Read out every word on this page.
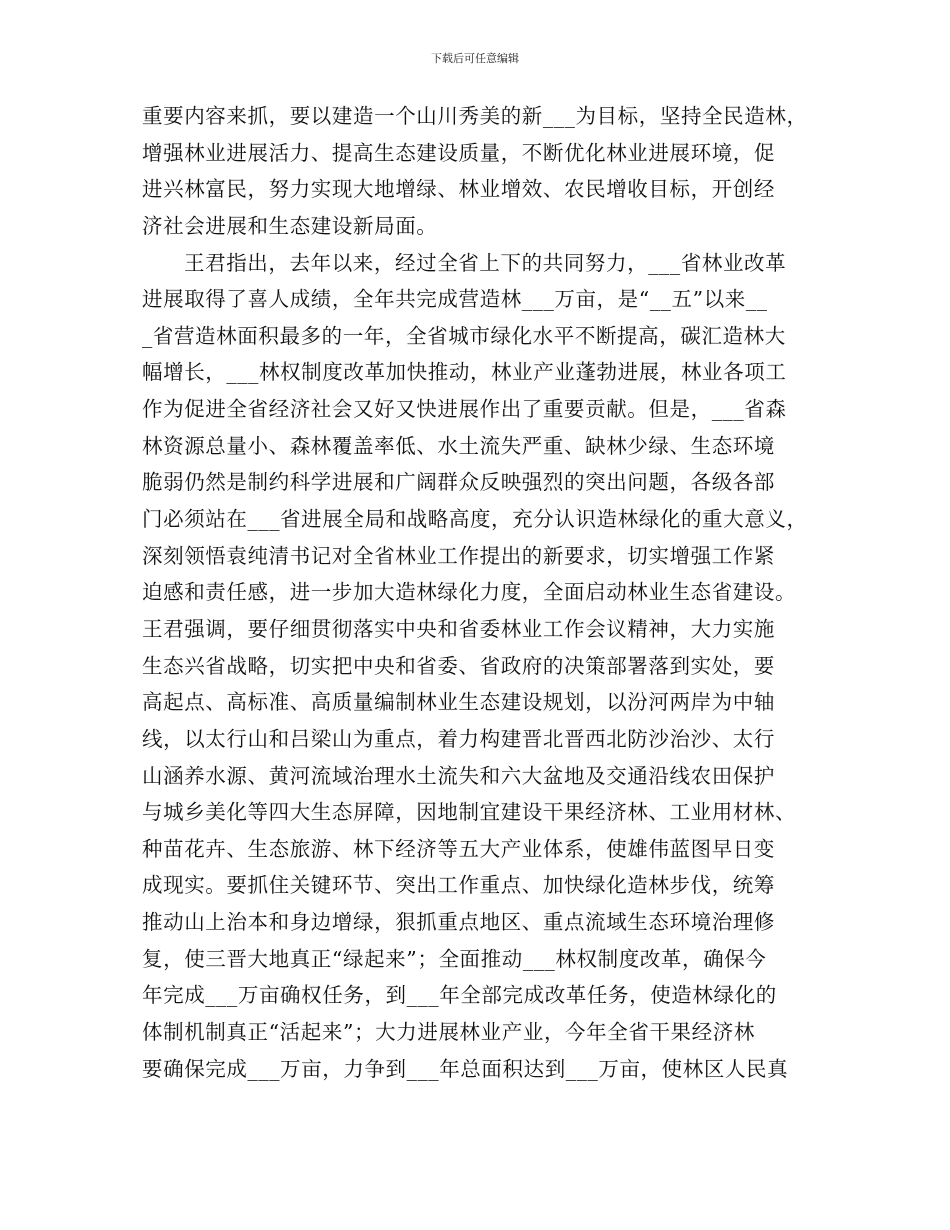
下载后可任意编辑
重要内容来抓，要以建造一个山川秀美的新___为目标，坚持全民造林，
增强林业进展活力、提高生态建设质量，不断优化林业进展环境，促
进兴林富民，努力实现大地增绿、林业增效、农民增收目标，开创经
济社会进展和生态建设新局面。
王君指出，去年以来，经过全省上下的共同努力，___省林业改革
进展取得了喜人成绩，全年共完成营造林___万亩，是“__五”以来__
_省营造林面积最多的一年，全省城市绿化水平不断提高，碳汇造林大
幅增长，___林权制度改革加快推动，林业产业蓬勃进展，林业各项工
作为促进全省经济社会又好又快进展作出了重要贡献。但是，___省森
林资源总量小、森林覆盖率低、水土流失严重、缺林少绿、生态环境
脆弱仍然是制约科学进展和广阔群众反映强烈的突出问题，各级各部
门必须站在___省进展全局和战略高度，充分认识造林绿化的重大意义，
深刻领悟袁纯清书记对全省林业工作提出的新要求，切实增强工作紧
迫感和责任感，进一步加大造林绿化力度，全面启动林业生态省建设。
王君强调，要仔细贯彻落实中央和省委林业工作会议精神，大力实施
生态兴省战略，切实把中央和省委、省政府的决策部署落到实处，要
高起点、高标准、高质量编制林业生态建设规划，以汾河两岸为中轴
线，以太行山和吕梁山为重点，着力构建晋北晋西北防沙治沙、太行
山涵养水源、黄河流域治理水土流失和六大盆地及交通沿线农田保护
与城乡美化等四大生态屏障，因地制宜建设干果经济林、工业用材林、
种苗花卉、生态旅游、林下经济等五大产业体系，使雄伟蓝图早日变
成现实。要抓住关键环节、突出工作重点、加快绿化造林步伐，统筹
推动山上治本和身边增绿，狠抓重点地区、重点流域生态环境治理修
复，使三晋大地真正“绿起来”；全面推动___林权制度改革，确保今
年完成___万亩确权任务，到___年全部完成改革任务，使造林绿化的
体制机制真正“活起来”；大力进展林业产业，今年全省干果经济林
要确保完成___万亩，力争到___年总面积达到___万亩，使林区人民真
